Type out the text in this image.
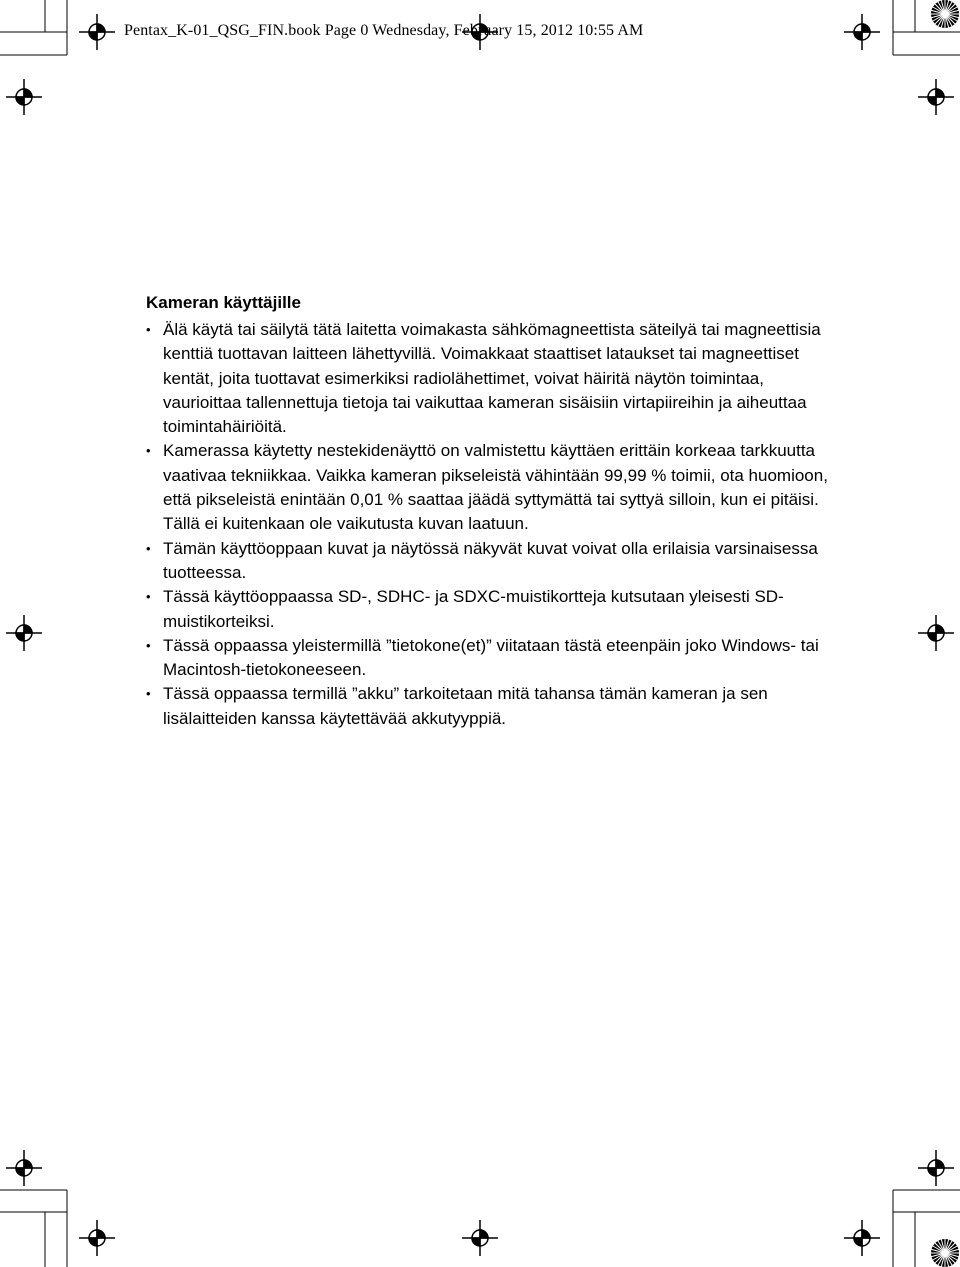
Pentax_K-01_QSG_FIN.book Page 0 Wednesday, February 15, 2012 10:55 AM
Kameran käyttäjille
• Älä käytä tai säilytä tätä laitetta voimakasta sähkömagneettista säteilyä tai magneettisia kenttiä tuottavan laitteen lähettyvillä. Voimakkaat staattiset lataukset tai magneettiset kentät, joita tuottavat esimerkiksi radiolähettimet, voivat häiritä näytön toimintaa, vaurioittaa tallennettuja tietoja tai vaikuttaa kameran sisäisiin virtapiireihin ja aiheuttaa toimintahäiriöitä.
• Kamerassa käytetty nestekidenäyttö on valmistettu käyttäen erittäin korkeaa tarkkuutta vaativaa tekniikkaa. Vaikka kameran pikseleistä vähintään 99,99 % toimii, ota huomioon, että pikseleistä enintään 0,01 % saattaa jäädä syttymättä tai syttyä silloin, kun ei pitäisi. Tällä ei kuitenkaan ole vaikutusta kuvan laatuun.
• Tämän käyttöoppaan kuvat ja näytössä näkyvät kuvat voivat olla erilaisia varsinaisessa tuotteessa.
• Tässä käyttöoppaassa SD-, SDHC- ja SDXC-muistikortteja kutsutaan yleisesti SD-muistikorteiksi.
• Tässä oppaassa yleistermillä ”tietokone(et)” viitataan tästä eteenpäin joko Windows- tai Macintosh-tietokoneeseen.
• Tässä oppaassa termillä ”akku” tarkoitetaan mitä tahansa tämän kameran ja sen lisälaitteiden kanssa käytettävää akkutyyppiä.
